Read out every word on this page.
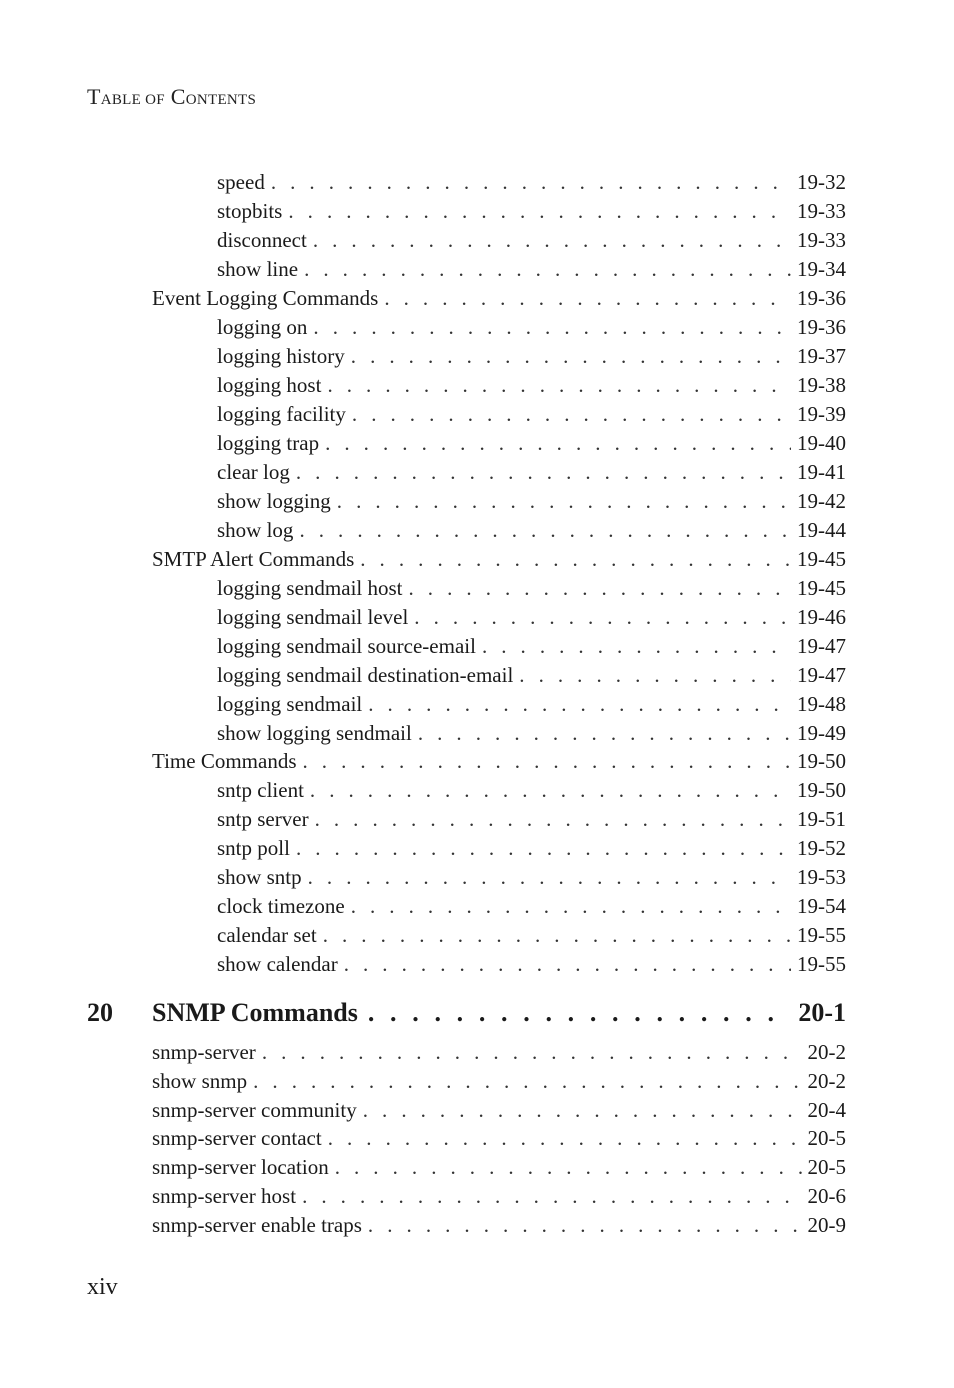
TABLE OF CONTENTS
speed . . .	19-32
stopbits . . .	19-33
disconnect . . .	19-33
show line . . .	19-34
Event Logging Commands . . .	19-36
logging on . . .	19-36
logging history . . .	19-37
logging host . . .	19-38
logging facility . . .	19-39
logging trap . . .	19-40
clear log . . .	19-41
show logging . . .	19-42
show log . . .	19-44
SMTP Alert Commands . . .	19-45
logging sendmail host . . .	19-45
logging sendmail level . . .	19-46
logging sendmail source-email . . .	19-47
logging sendmail destination-email . . .	19-47
logging sendmail . . .	19-48
show logging sendmail . . .	19-49
Time Commands . . .	19-50
sntp client . . .	19-50
sntp server . . .	19-51
sntp poll . . .	19-52
show sntp . . .	19-53
clock timezone . . .	19-54
calendar set . . .	19-55
show calendar . . .	19-55
20	SNMP Commands . . .	20-1
snmp-server . . .	20-2
show snmp . . .	20-2
snmp-server community . . .	20-4
snmp-server contact . . .	20-5
snmp-server location . . .	20-5
snmp-server host . . .	20-6
snmp-server enable traps . . .	20-9
xiv
